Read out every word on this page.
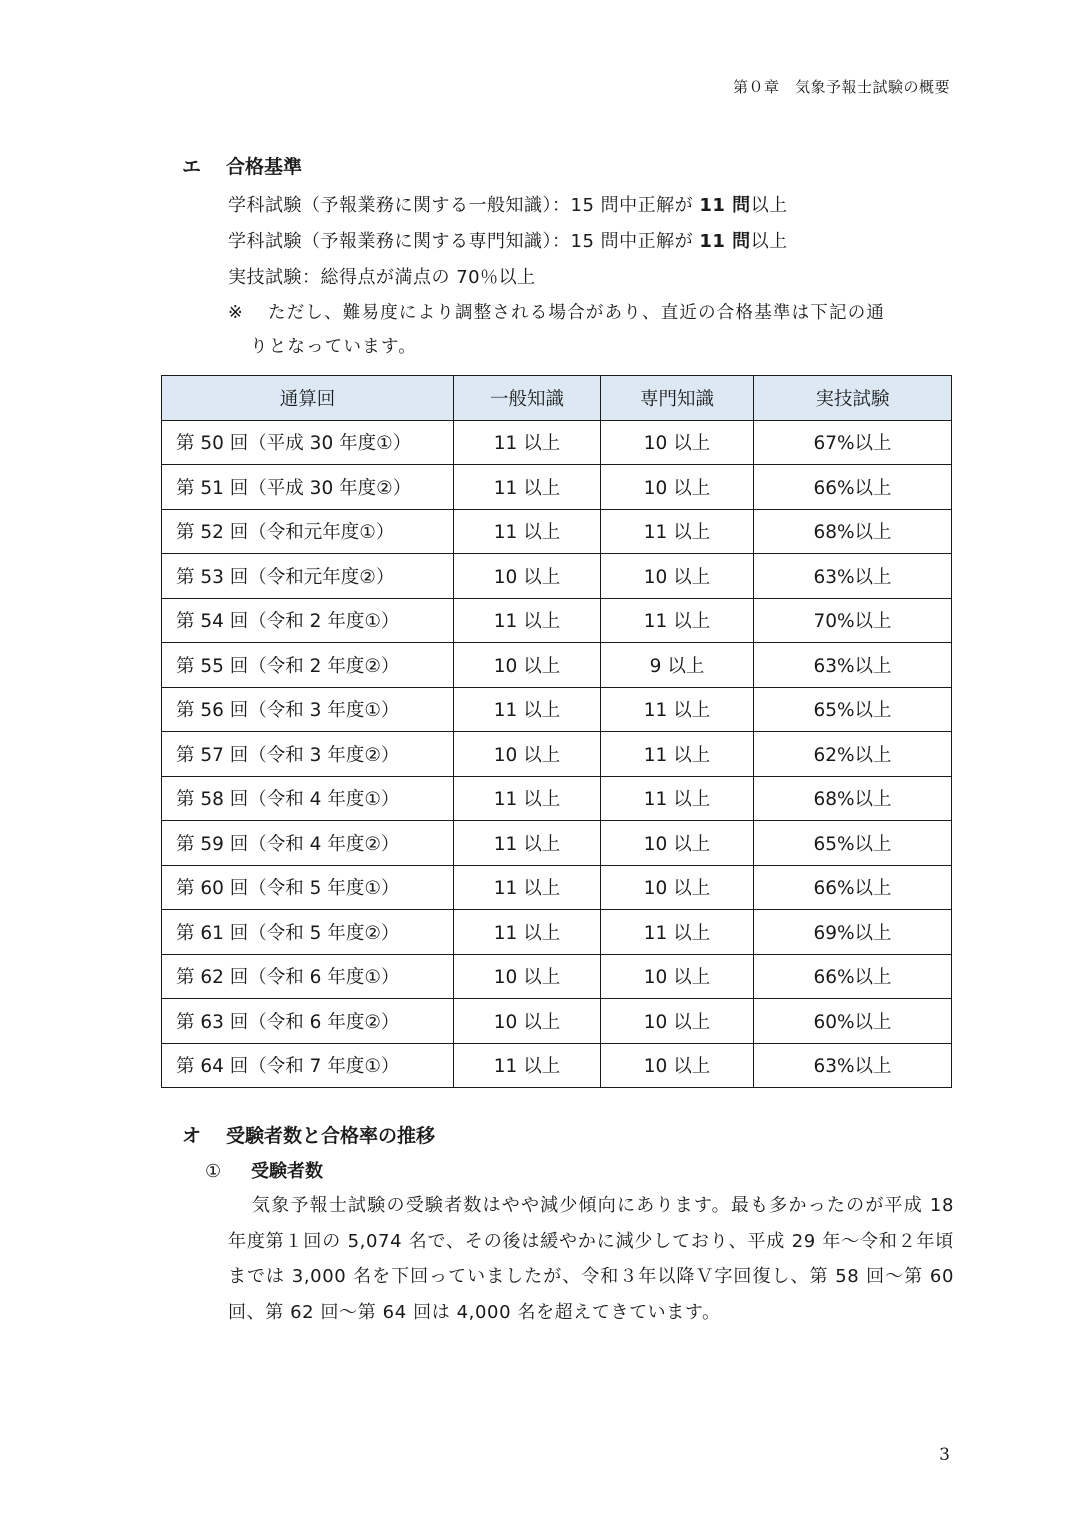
第０章　気象予報士試験の概要
エ 合格基準
学科試験（予報業務に関する一般知識）：15 問中正解が 11 問以上
学科試験（予報業務に関する専門知識）：15 問中正解が 11 問以上
実技試験：総得点が満点の 70％以上
※ ただし、難易度により調整される場合があり、直近の合格基準は下記の通
りとなっています。
通算回	一般知識	専門知識	実技試験
第 50 回（平成 30 年度①）	11 以上	10 以上	67%以上
第 51 回（平成 30 年度②）	11 以上	10 以上	66%以上
第 52 回（令和元年度①）	11 以上	11 以上	68%以上
第 53 回（令和元年度②）	10 以上	10 以上	63%以上
第 54 回（令和 2 年度①）	11 以上	11 以上	70%以上
第 55 回（令和 2 年度②）	10 以上	9 以上	63%以上
第 56 回（令和 3 年度①）	11 以上	11 以上	65%以上
第 57 回（令和 3 年度②）	10 以上	11 以上	62%以上
第 58 回（令和 4 年度①）	11 以上	11 以上	68%以上
第 59 回（令和 4 年度②）	11 以上	10 以上	65%以上
第 60 回（令和 5 年度①）	11 以上	10 以上	66%以上
第 61 回（令和 5 年度②）	11 以上	11 以上	69%以上
第 62 回（令和 6 年度①）	10 以上	10 以上	66%以上
第 63 回（令和 6 年度②）	10 以上	10 以上	60%以上
第 64 回（令和 7 年度①）	11 以上	10 以上	63%以上
オ 受験者数と合格率の推移
① 受験者数
気象予報士試験の受験者数はやや減少傾向にあります。最も多かったのが平成 18 年度第１回の 5,074 名で、その後は緩やかに減少しており、平成 29 年～令和２年頃までは 3,000 名を下回っていましたが、令和３年以降Ｖ字回復し、第 58 回～第 60 回、第 62 回～第 64 回は 4,000 名を超えてきています。
3
